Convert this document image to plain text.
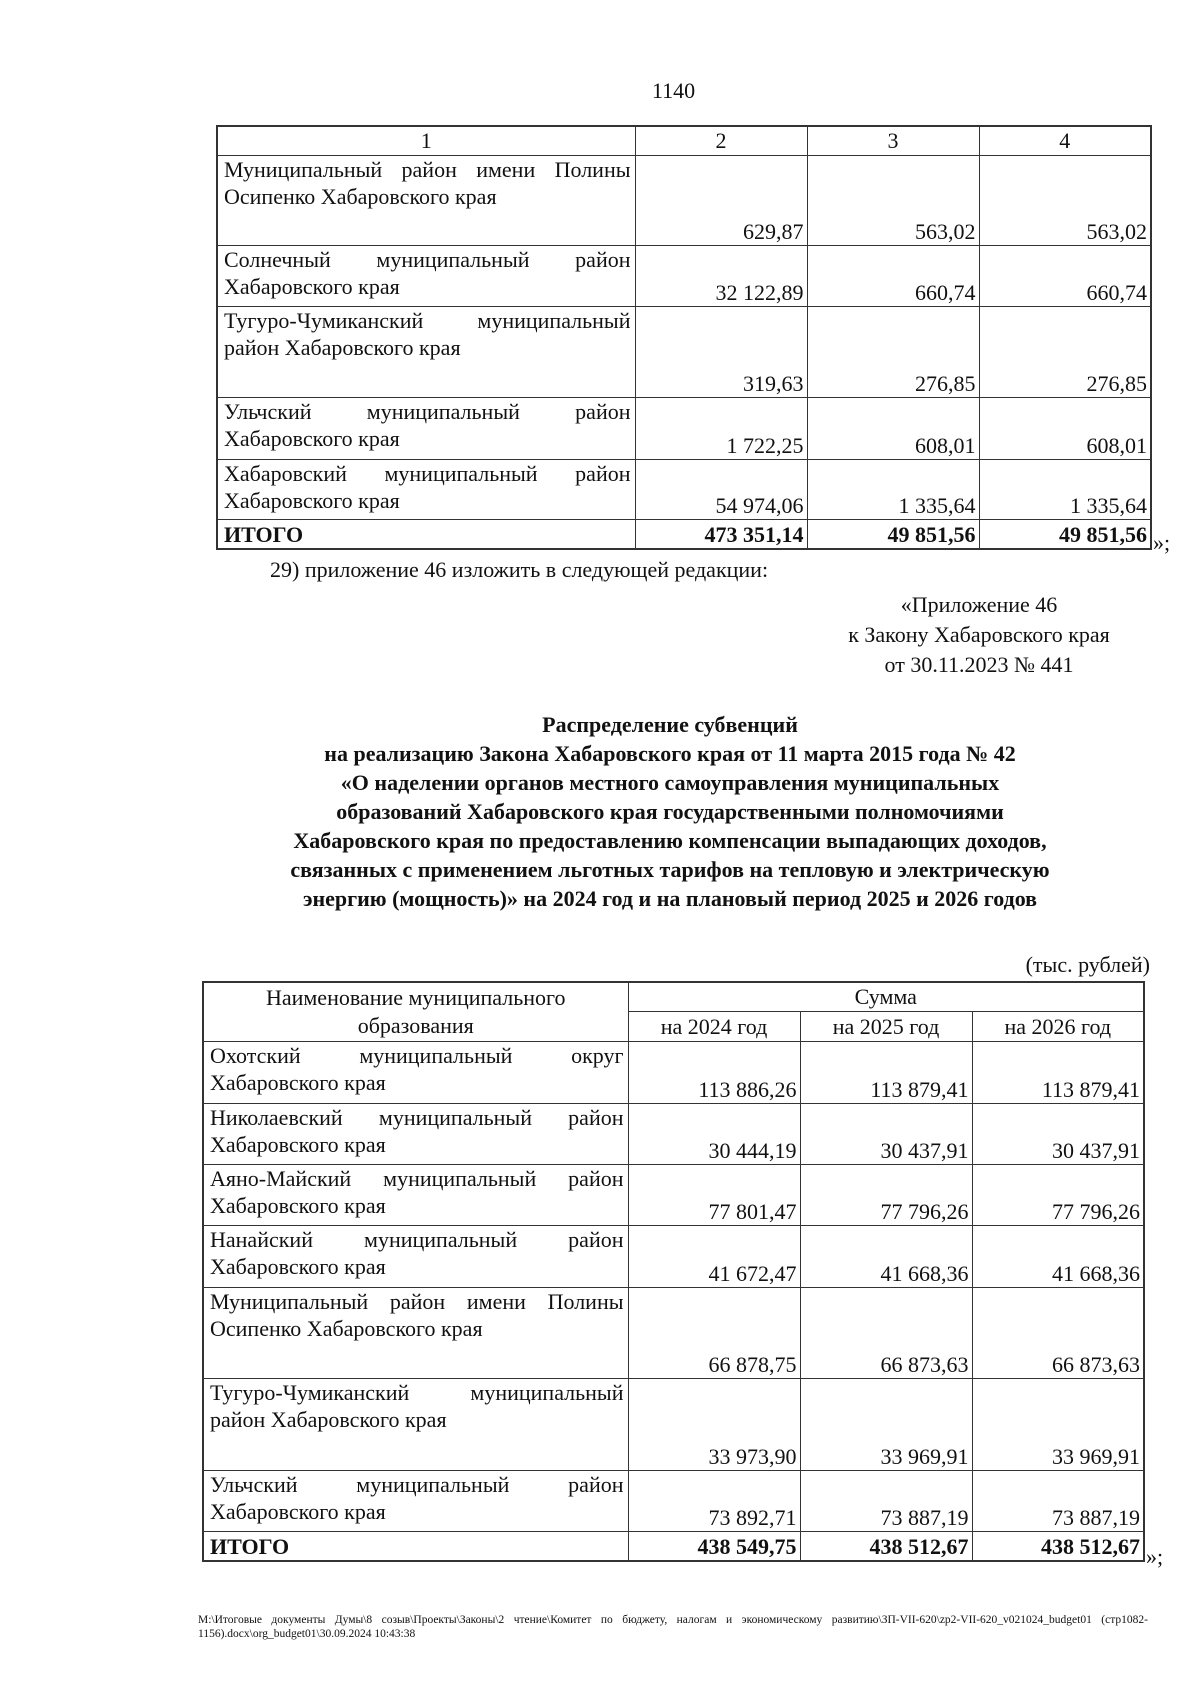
1140
1	2	3	4
Муниципальный район имени Полины Осипенко Хабаровского края	629,87	563,02	563,02
Солнечный муниципальный район Хабаровского края	32 122,89	660,74	660,74
Тугуро-Чумиканский муниципальный район Хабаровского края	319,63	276,85	276,85
Ульчский муниципальный район Хабаровского края	1 722,25	608,01	608,01
Хабаровский муниципальный район Хабаровского края	54 974,06	1 335,64	1 335,64
ИТОГО	473 351,14	49 851,56	49 851,56 »;
29) приложение 46 изложить в следующей редакции:
«Приложение 46
к Закону Хабаровского края
от 30.11.2023 № 441
Распределение субвенций
на реализацию Закона Хабаровского края от 11 марта 2015 года № 42
«О наделении органов местного самоуправления муниципальных
образований Хабаровского края государственными полномочиями
Хабаровского края по предоставлению компенсации выпадающих доходов,
связанных с применением льготных тарифов на тепловую и электрическую
энергию (мощность)» на 2024 год и на плановый период 2025 и 2026 годов
(тыс. рублей)
Наименование муниципального образования	Сумма		
	на 2024 год	на 2025 год	на 2026 год
Охотский муниципальный округ Хабаровского края	113 886,26	113 879,41	113 879,41
Николаевский муниципальный район Хабаровского края	30 444,19	30 437,91	30 437,91
Аяно-Майский муниципальный район Хабаровского края	77 801,47	77 796,26	77 796,26
Нанайский муниципальный район Хабаровского края	41 672,47	41 668,36	41 668,36
Муниципальный район имени Полины Осипенко Хабаровского края	66 878,75	66 873,63	66 873,63
Тугуро-Чумиканский муниципальный район Хабаровского края	33 973,90	33 969,91	33 969,91
Ульчский муниципальный район Хабаровского края	73 892,71	73 887,19	73 887,19
ИТОГО	438 549,75	438 512,67	438 512,67 »;
M:\Итоговые документы Думы\8 созыв\Проекты\Законы\2 чтение\Комитет по бюджету, налогам и экономическому развитию\ЗП-VII-620\zp2-VII-620_v021024_budget01 (стр1082-1156).docx\org_budget01\30.09.2024 10:43:38
